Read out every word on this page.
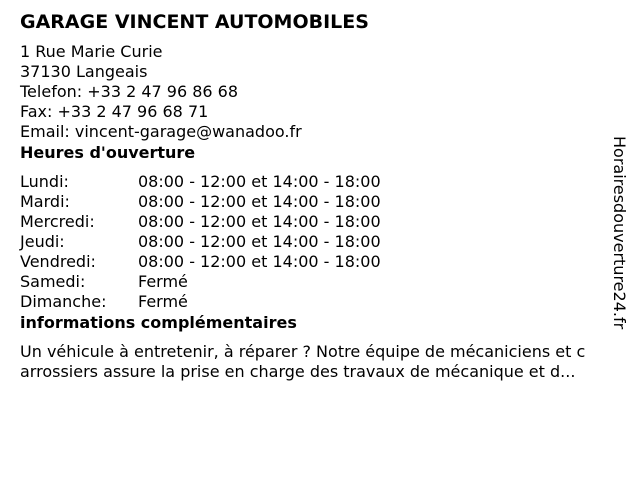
GARAGE VINCENT AUTOMOBILES
1 Rue Marie Curie
37130 Langeais
Telefon: +33 2 47 96 86 68
Fax: +33 2 47 96 68 71
Email: vincent-garage@wanadoo.fr
Heures d'ouverture
Lundi:	08:00 - 12:00 et 14:00 - 18:00
Mardi:	08:00 - 12:00 et 14:00 - 18:00
Mercredi:	08:00 - 12:00 et 14:00 - 18:00
Jeudi:	08:00 - 12:00 et 14:00 - 18:00
Vendredi:	08:00 - 12:00 et 14:00 - 18:00
Samedi:	Fermé
Dimanche:	Fermé
informations complémentaires
Un véhicule à entretenir, à réparer ? Notre équipe de mécaniciens et c
arrossiers assure la prise en charge des travaux de mécanique et d...
Horairesdouverture24.fr
